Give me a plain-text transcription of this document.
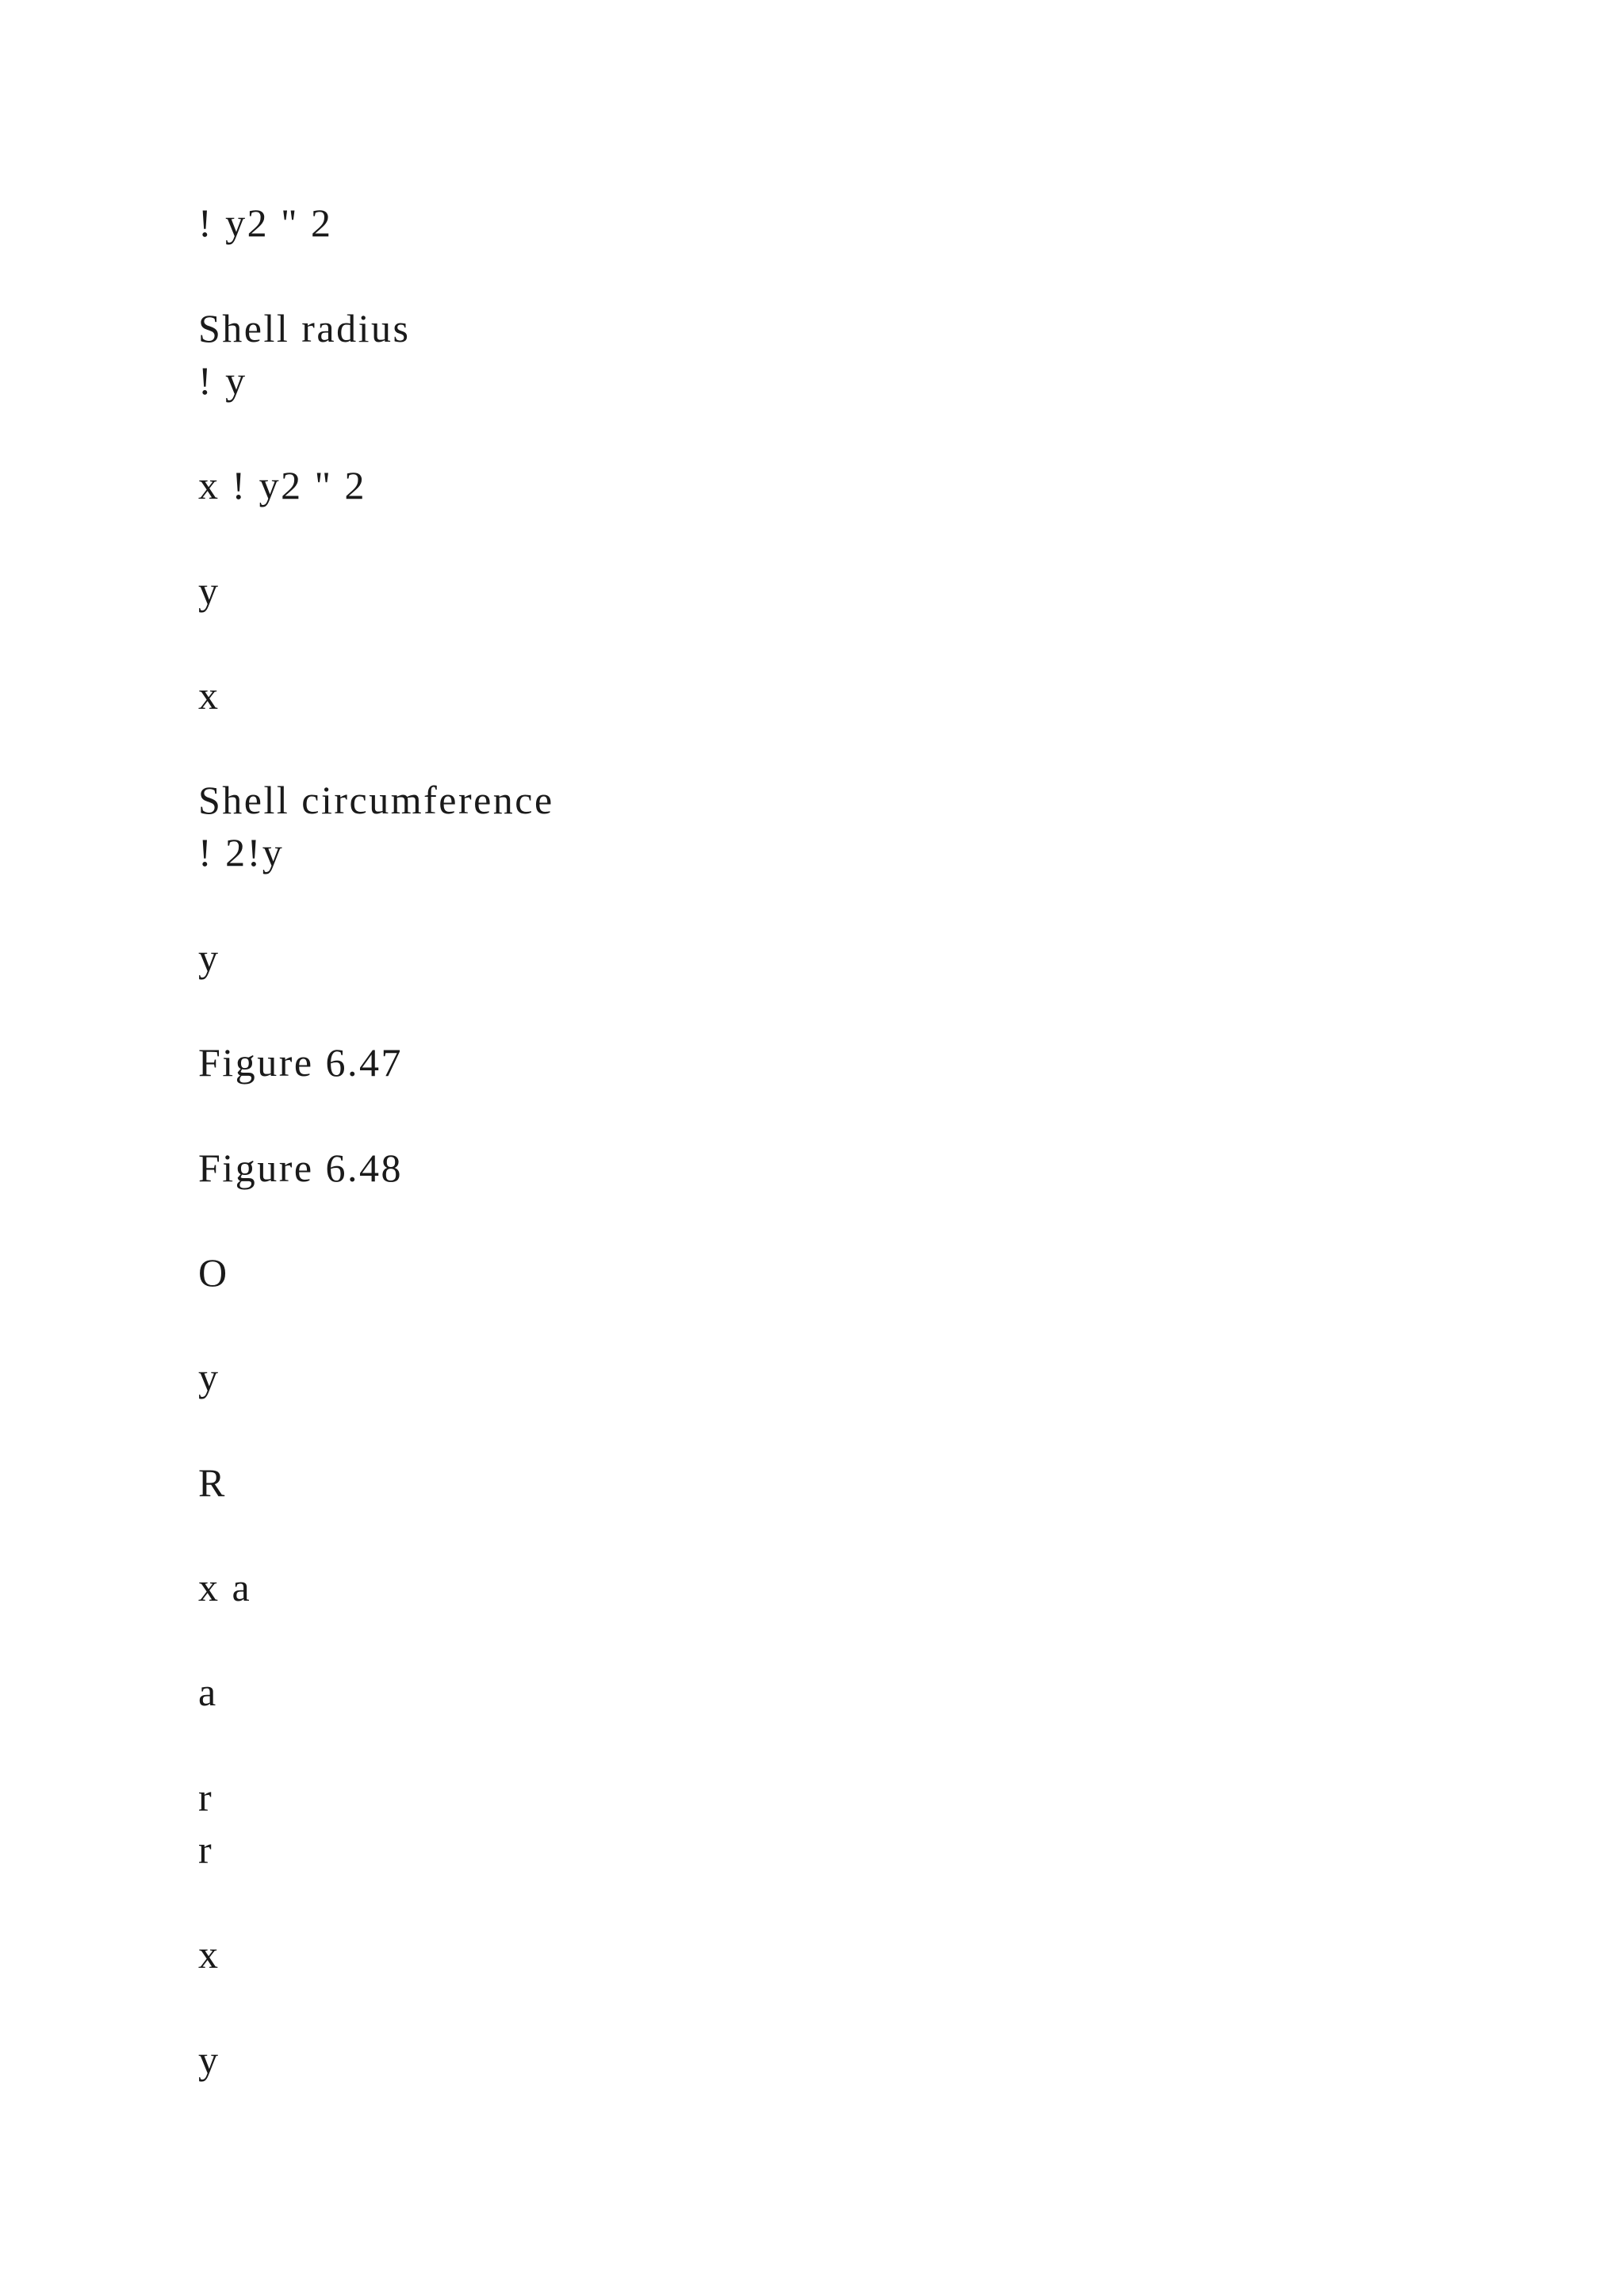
! y2 " 2
Shell radius
! y
x ! y2 " 2
y
x
Shell circumference
! 2!y
y
Figure 6.47
Figure 6.48
O
y
R
x a
a
r
r
x
y
